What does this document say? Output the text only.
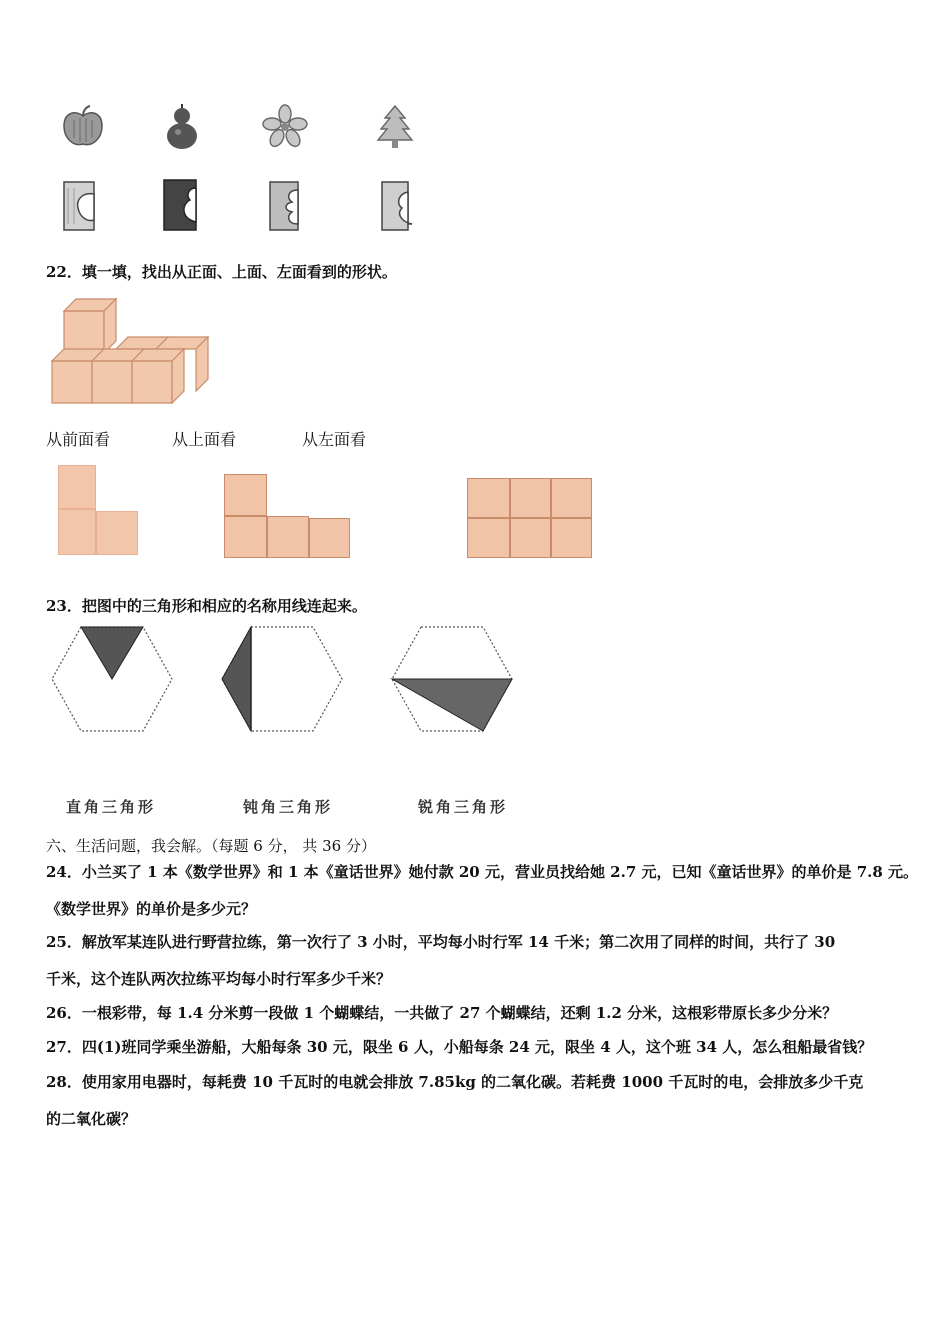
22．填一填，找出从正面、上面、左面看到的形状。
从前面看	从上面看	从左面看
23．把图中的三角形和相应的名称用线连起来。
直角三角形	钝角三角形	锐角三角形
六、生活问题，我会解。（每题 6 分， 共 36 分）
24．小兰买了 1 本《数学世界》和 1 本《童话世界》她付款 20 元，营业员找给她 2.7 元，已知《童话世界》的单价是 7.8 元。
《数学世界》的单价是多少元？
25．解放军某连队进行野营拉练，第一次行了 3 小时，平均每小时行军 14 千米；第二次用了同样的时间，共行了 30
千米，这个连队两次拉练平均每小时行军多少千米？
26．一根彩带，每 1.4 分米剪一段做 1 个蝴蝶结，一共做了 27 个蝴蝶结，还剩 1.2 分米，这根彩带原长多少分米？
27．四(1)班同学乘坐游船，大船每条 30 元，限坐 6 人，小船每条 24 元，限坐 4 人，这个班 34 人，怎么租船最省钱？
28．使用家用电器时，每耗费 10 千瓦时的电就会排放 7.85kg 的二氧化碳。若耗费 1000 千瓦时的电，会排放多少千克
的二氧化碳？
